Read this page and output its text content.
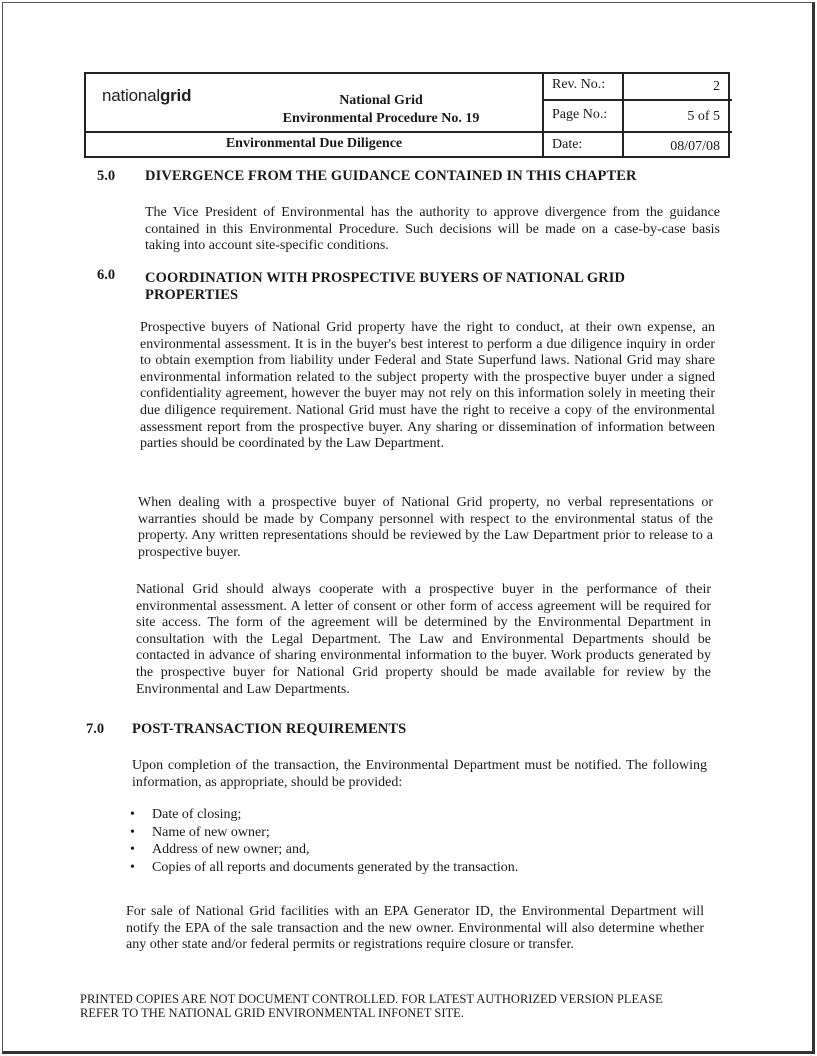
nationalgrid	National Grid
Environmental Procedure No. 19
Environmental Due Diligence
Rev. No.:	2
Page No.:	5 of 5
Date:	08/07/08
5.0 DIVERGENCE FROM THE GUIDANCE CONTAINED IN THIS CHAPTER
The Vice President of Environmental has the authority to approve divergence from the guidance contained in this Environmental Procedure. Such decisions will be made on a case-by-case basis taking into account site-specific conditions.
6.0 COORDINATION WITH PROSPECTIVE BUYERS OF NATIONAL GRID PROPERTIES
Prospective buyers of National Grid property have the right to conduct, at their own expense, an environmental assessment. It is in the buyer's best interest to perform a due diligence inquiry in order to obtain exemption from liability under Federal and State Superfund laws. National Grid may share environmental information related to the subject property with the prospective buyer under a signed confidentiality agreement, however the buyer may not rely on this information solely in meeting their due diligence requirement. National Grid must have the right to receive a copy of the environmental assessment report from the prospective buyer. Any sharing or dissemination of information between parties should be coordinated by the Law Department.
When dealing with a prospective buyer of National Grid property, no verbal representations or warranties should be made by Company personnel with respect to the environmental status of the property. Any written representations should be reviewed by the Law Department prior to release to a prospective buyer.
National Grid should always cooperate with a prospective buyer in the performance of their environmental assessment. A letter of consent or other form of access agreement will be required for site access. The form of the agreement will be determined by the Environmental Department in consultation with the Legal Department. The Law and Environmental Departments should be contacted in advance of sharing environmental information to the buyer. Work products generated by the prospective buyer for National Grid property should be made available for review by the Environmental and Law Departments.
7.0 POST-TRANSACTION REQUIREMENTS
Upon completion of the transaction, the Environmental Department must be notified. The following information, as appropriate, should be provided:
• Date of closing;
• Name of new owner;
• Address of new owner; and,
• Copies of all reports and documents generated by the transaction.
For sale of National Grid facilities with an EPA Generator ID, the Environmental Department will notify the EPA of the sale transaction and the new owner. Environmental will also determine whether any other state and/or federal permits or registrations require closure or transfer.
PRINTED COPIES ARE NOT DOCUMENT CONTROLLED. FOR LATEST AUTHORIZED VERSION PLEASE
REFER TO THE NATIONAL GRID ENVIRONMENTAL INFONET SITE.
